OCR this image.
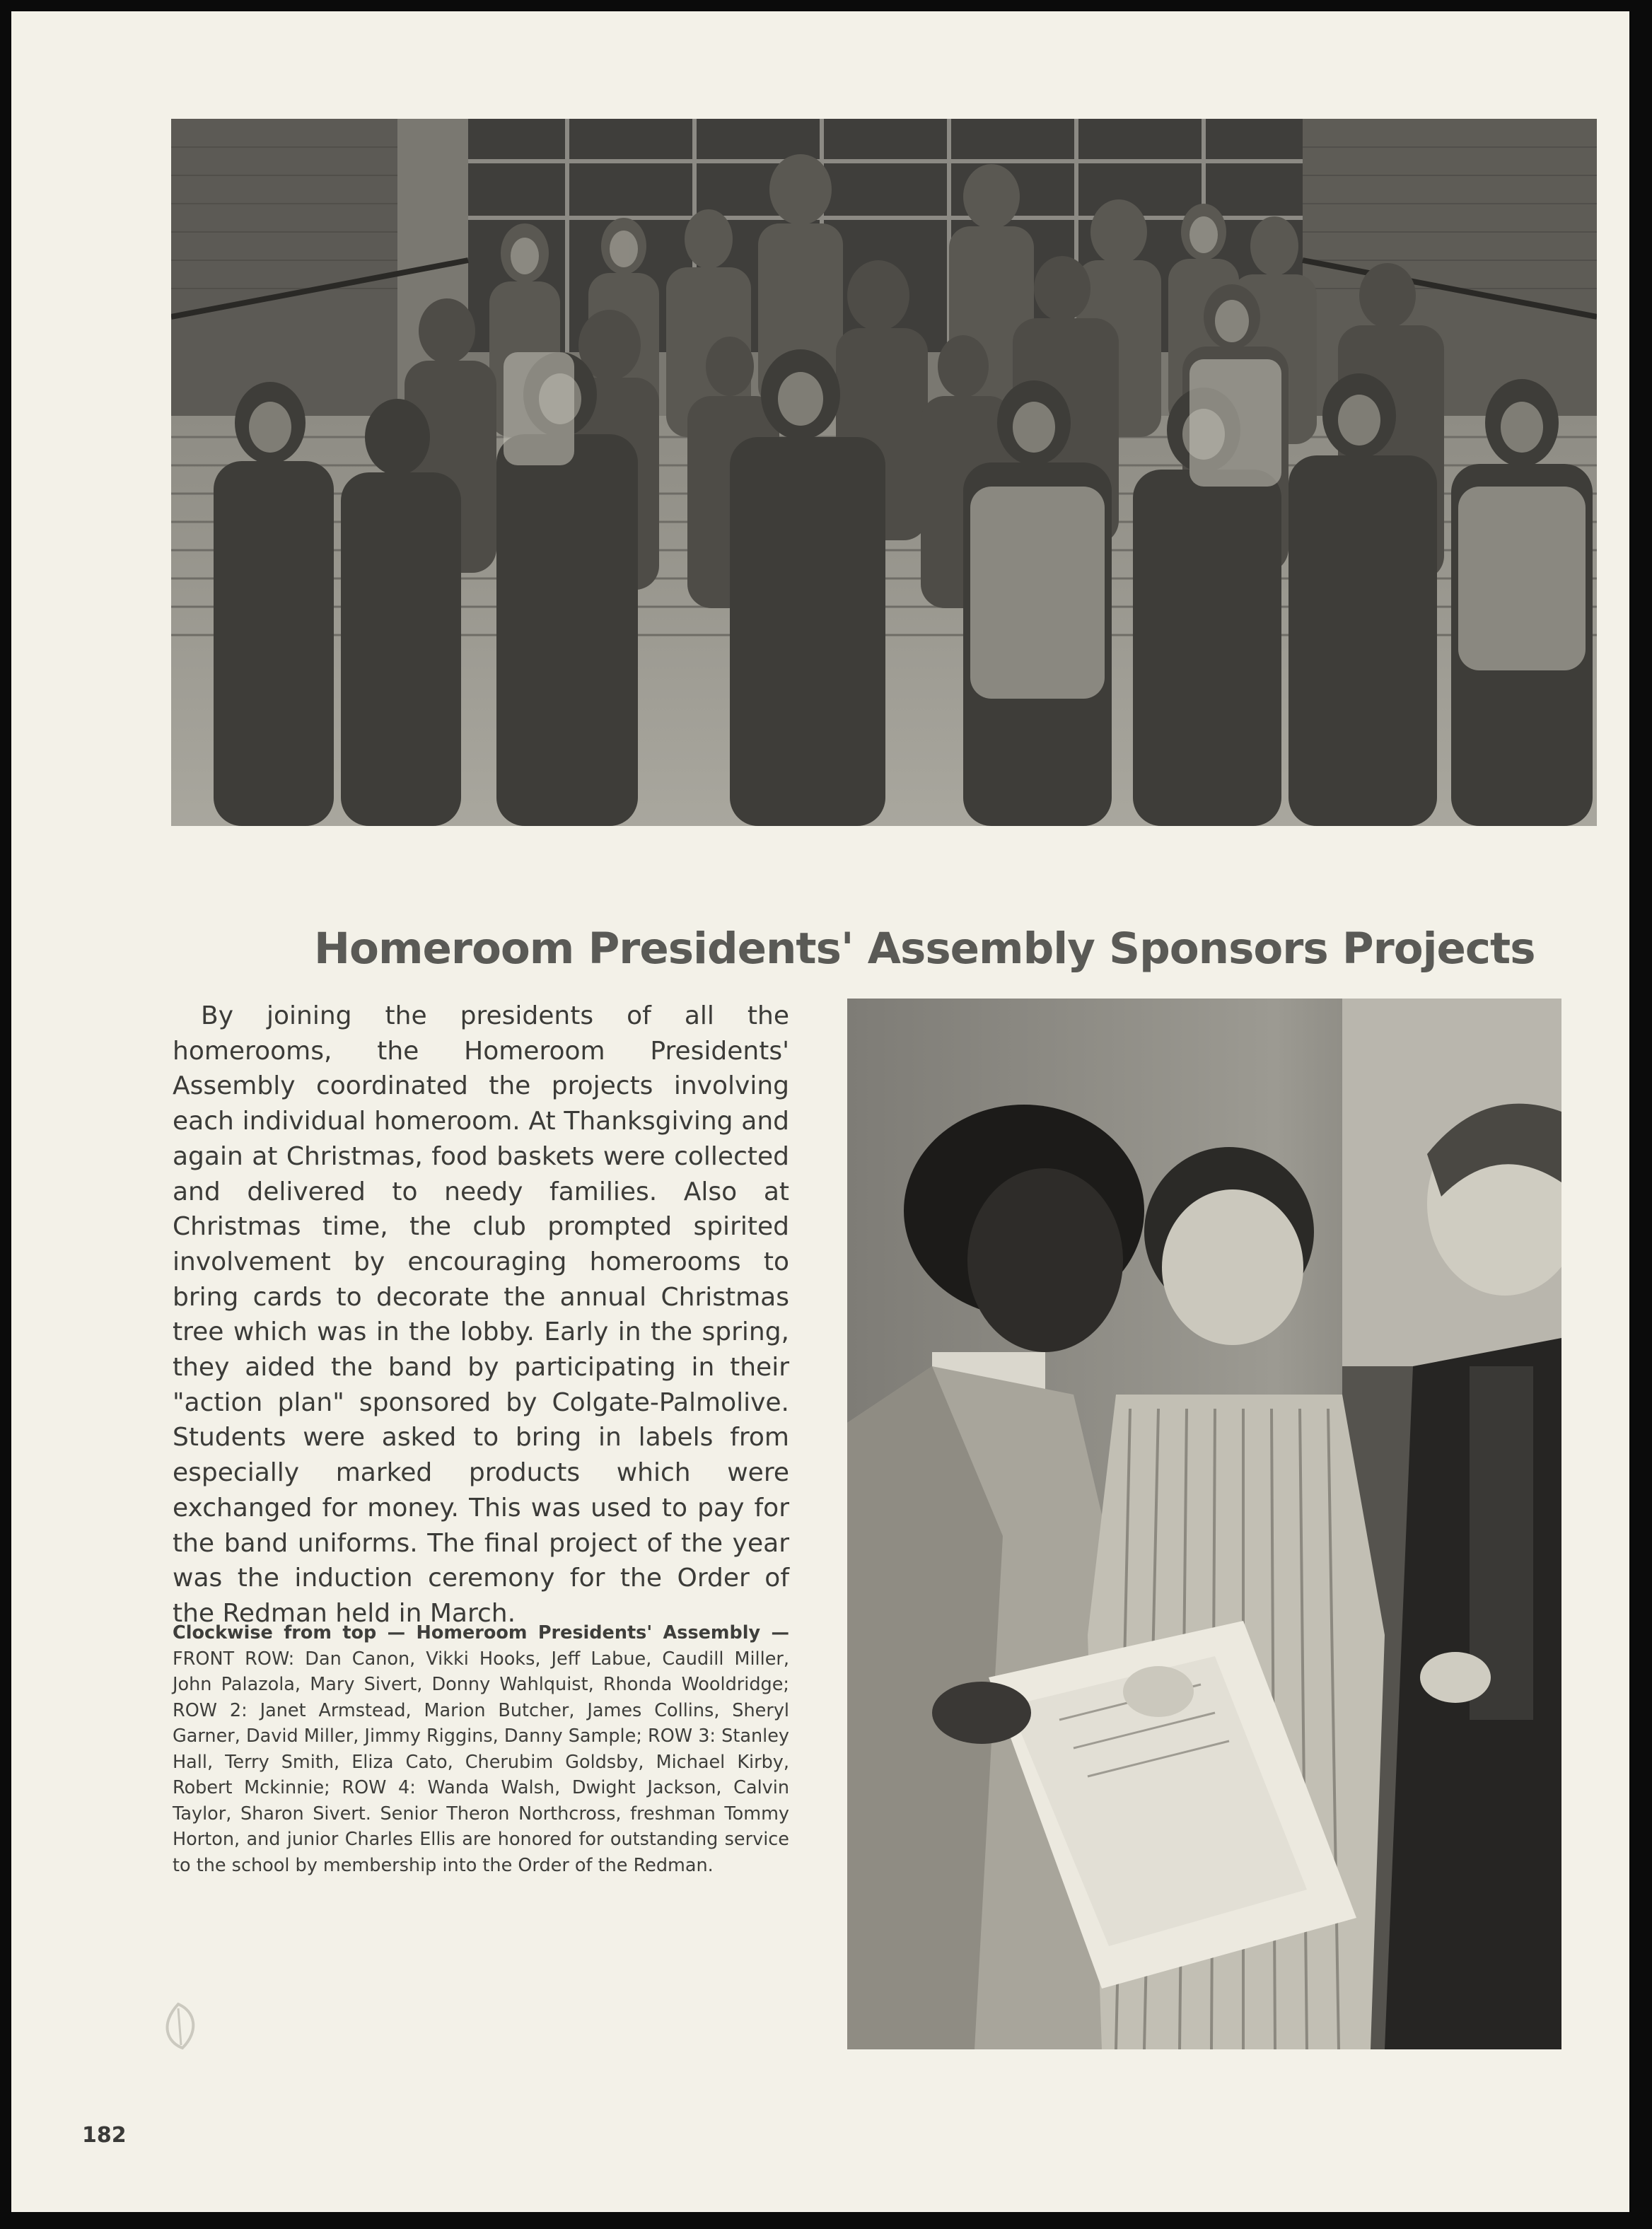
Homeroom Presidents' Assembly Sponsors Projects

By joining the presidents of all the homerooms, the Homeroom Presidents' Assembly coordinated the projects involving each individual homeroom. At Thanksgiving and again at Christmas, food baskets were collected and delivered to needy families. Also at Christmas time, the club prompted spirited involvement by encouraging homerooms to bring cards to decorate the annual Christmas tree which was in the lobby. Early in the spring, they aided the band by participating in their "action plan" sponsored by Colgate-Palmolive. Students were asked to bring in labels from especially marked products which were exchanged for money. This was used to pay for the band uniforms. The final project of the year was the induction ceremony for the Order of the Redman held in March.

Clockwise from top — Homeroom Presidents' Assembly — FRONT ROW: Dan Canon, Vikki Hooks, Jeff Labue, Caudill Miller, John Palazola, Mary Sivert, Donny Wahlquist, Rhonda Wooldridge; ROW 2: Janet Armstead, Marion Butcher, James Collins, Sheryl Garner, David Miller, Jimmy Riggins, Danny Sample; ROW 3: Stanley Hall, Terry Smith, Eliza Cato, Cherubim Goldsby, Michael Kirby, Robert Mckinnie; ROW 4: Wanda Walsh, Dwight Jackson, Calvin Taylor, Sharon Sivert. Senior Theron Northcross, freshman Tommy Horton, and junior Charles Ellis are honored for outstanding service to the school by membership into the Order of the Redman.

182
